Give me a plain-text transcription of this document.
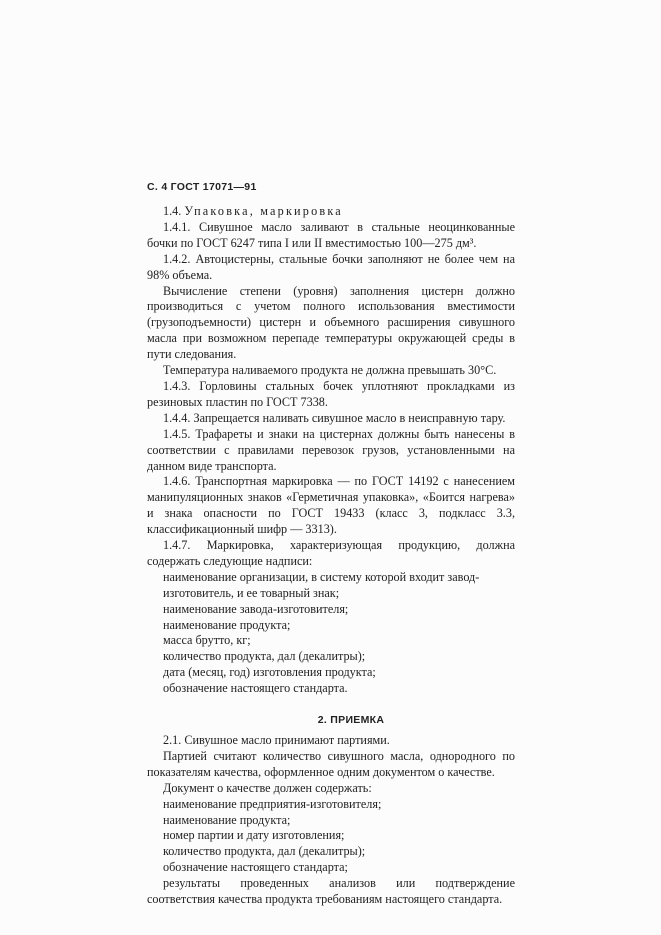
С. 4 ГОСТ 17071—91

1.4. Упаковка, маркировка

1.4.1. Сивушное масло заливают в стальные неоцинкованные бочки по ГОСТ 6247 типа I или II вместимостью 100—275 дм³.

1.4.2. Автоцистерны, стальные бочки заполняют не более чем на 98% объема.

Вычисление степени (уровня) заполнения цистерн должно производиться с учетом полного использования вместимости (грузоподъемности) цистерн и объемного расширения сивушного масла при возможном перепаде температуры окружающей среды в пути следования.

Температура наливаемого продукта не должна превышать 30°С.

1.4.3. Горловины стальных бочек уплотняют прокладками из резиновых пластин по ГОСТ 7338.

1.4.4. Запрещается наливать сивушное масло в неисправную тару.

1.4.5. Трафареты и знаки на цистернах должны быть нанесены в соответствии с правилами перевозок грузов, установленными на данном виде транспорта.

1.4.6. Транспортная маркировка — по ГОСТ 14192 с нанесением манипуляционных знаков «Герметичная упаковка», «Боится нагрева» и знака опасности по ГОСТ 19433 (класс 3, подкласс 3.3, классификационный шифр — 3313).

1.4.7. Маркировка, характеризующая продукцию, должна содержать следующие надписи:

наименование организации, в систему которой входит завод-изготовитель, и ее товарный знак;

наименование завода-изготовителя;

наименование продукта;

масса брутто, кг;

количество продукта, дал (декалитры);

дата (месяц, год) изготовления продукта;

обозначение настоящего стандарта.

2. ПРИЕМКА

2.1. Сивушное масло принимают партиями.

Партией считают количество сивушного масла, однородного по показателям качества, оформленное одним документом о качестве.

Документ о качестве должен содержать:

наименование предприятия-изготовителя;

наименование продукта;

номер партии и дату изготовления;

количество продукта, дал (декалитры);

обозначение настоящего стандарта;

результаты проведенных анализов или подтверждение соответствия качества продукта требованиям настоящего стандарта.
